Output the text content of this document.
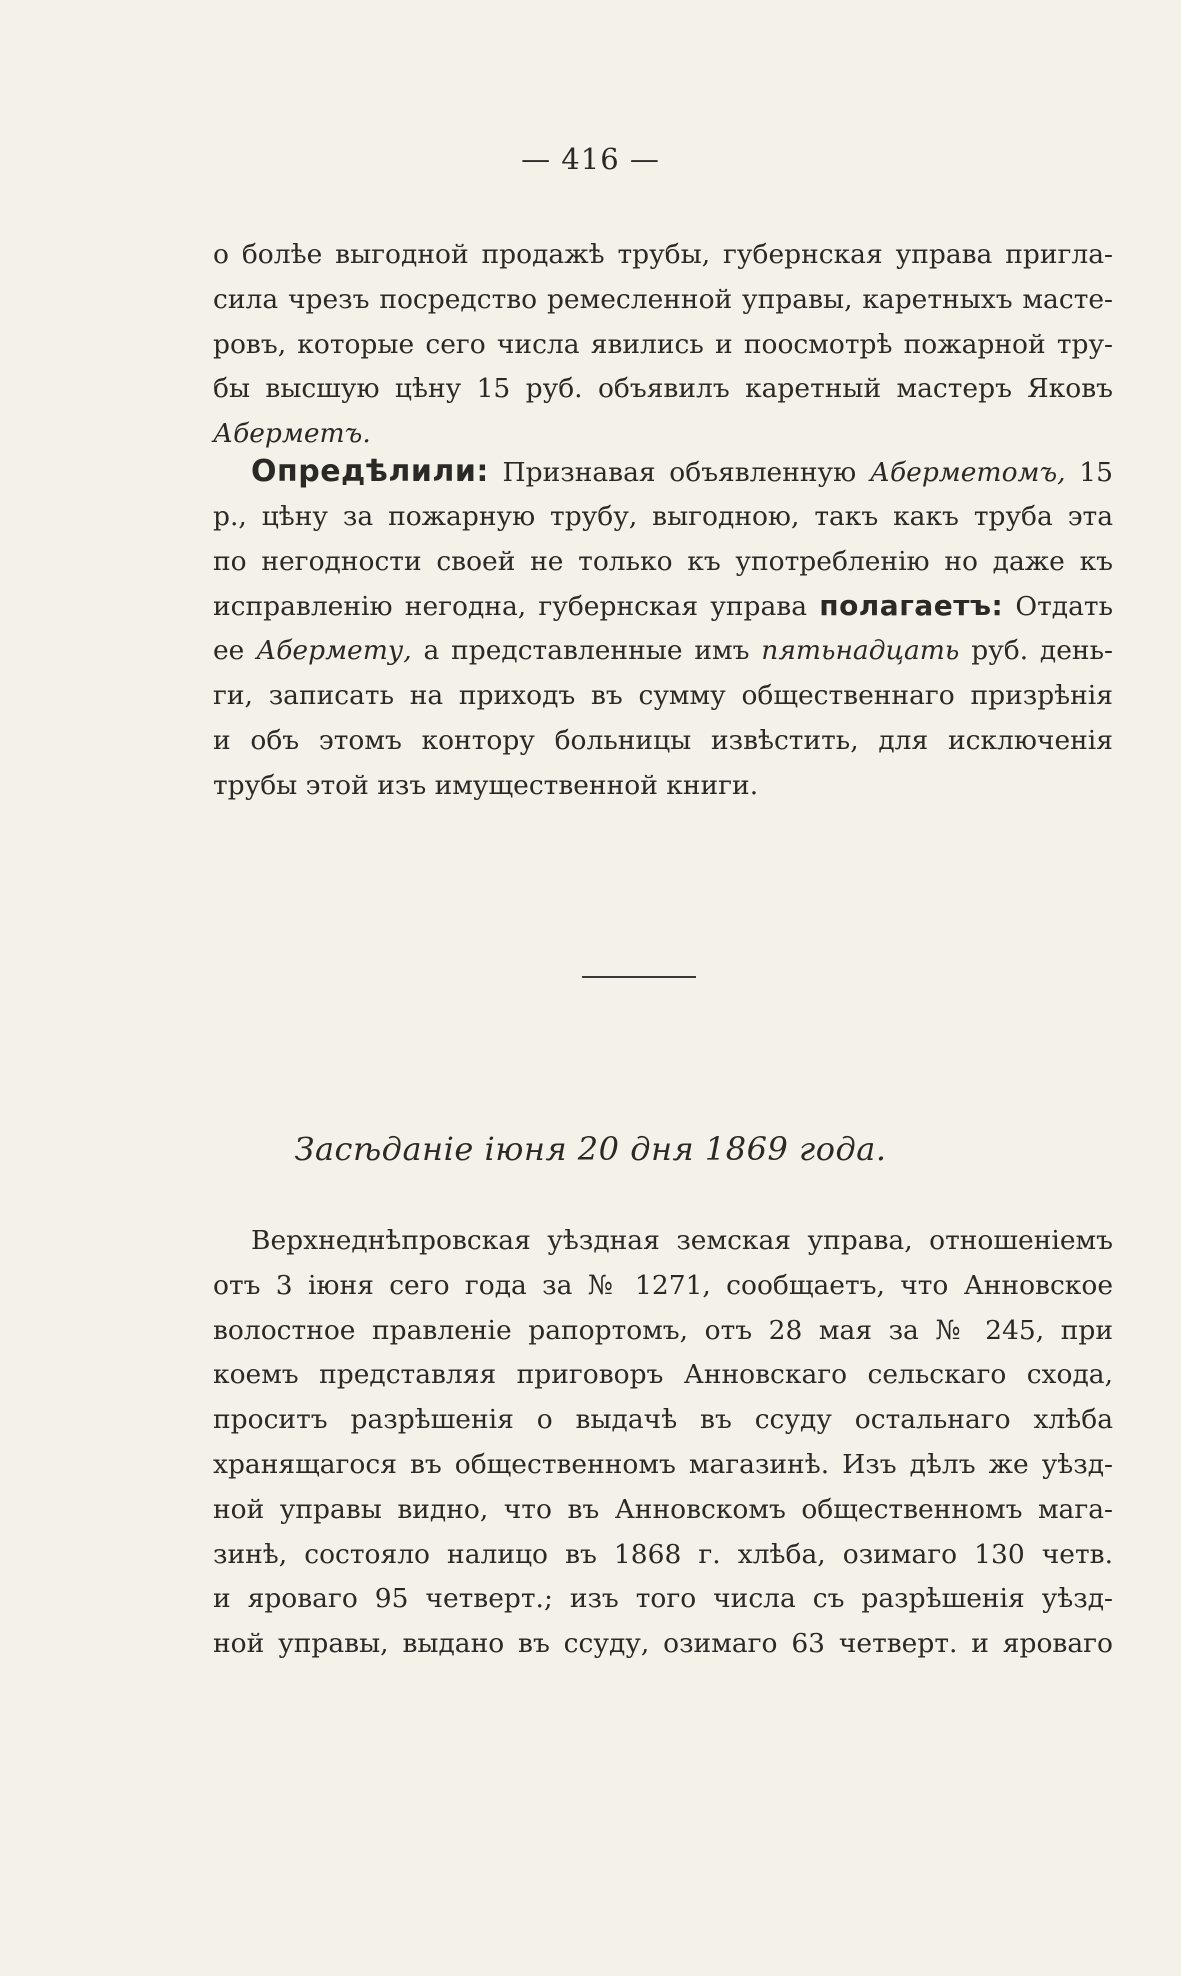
— 416 —
о болѣе выгодной продажѣ трубы, губернская управа пригла-
сила чрезъ посредство ремесленной управы, каретныхъ масте-
ровъ, которые сего числа явились и поосмотрѣ пожарной тру-
бы высшую цѣну 15 руб. объявилъ каретный мастеръ Яковъ
Аберметъ.
Опредѣлили: Признавая объявленную Аберметомъ, 15
р., цѣну за пожарную трубу, выгодною, такъ какъ труба эта
по негодности своей не только къ употребленію но даже къ
исправленію негодна, губернская управа полагаетъ: Отдать
ее Абермету, а представленные имъ пятьнадцать руб. день-
ги, записать на приходъ въ сумму общественнаго призрѣнія
и объ этомъ контору больницы извѣстить, для исключенія
трубы этой изъ имущественной книги.
Засѣданіе іюня 20 дня 1869 года.
Верхнеднѣпровская уѣздная земская управа, отношеніемъ
отъ 3 іюня сего года за № 1271, сообщаетъ, что Анновское
волостное правленіе рапортомъ, отъ 28 мая за № 245, при
коемъ представляя приговоръ Анновскаго сельскаго схода,
проситъ разрѣшенія о выдачѣ въ ссуду остальнаго хлѣба
хранящагося въ общественномъ магазинѣ. Изъ дѣлъ же уѣзд-
ной управы видно, что въ Анновскомъ общественномъ мага-
зинѣ, состояло налицо въ 1868 г. хлѣба, озимаго 130 четв.
и яроваго 95 четверт.; изъ того числа съ разрѣшенія уѣзд-
ной управы, выдано въ ссуду, озимаго 63 четверт. и яроваго
